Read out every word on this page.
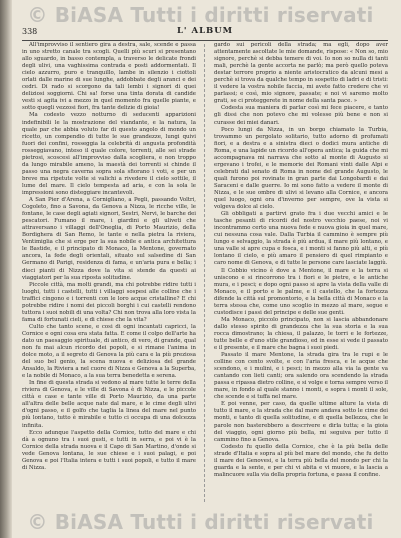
© BiASA Tutti i diritti riservati
338	L' ALBUM

All'improvviso il sentiero gira a destra, sale, scende e passa in uno stretto canale tra scogli. Quelli più scuri si presentano allo sguardo, in basso contempla, a traverso le delicate frondi degli ulivi, una vaghissima contrada e posti addormentati. Il cielo azzurro, puro e tranquillo, lambe in silenzio i ciottoli orlati dalle marine di sue lunghe, addobbate degli aranci e dei cedri. Di rado si scorgono da tali lembi i signori di quei deliziosi soggiorni. Chi sa! forse una tinta dorata di candide vesti si agita ivi a mezzo in quel momento fra quelle piante, e sotto quegli vezzosi fiori, fra tante delizie di gioia!

Ma codesto vezzo notturno di seducenti apparizioni indefinibili le la mostrazione del viandante, e la natura, la quale par che abbia voluto far di questo angolo di mondo un ricetto, un compendio di tutte le sue grandezze, lungi quivi fuori dei confini, rosseggia la celebrità di angusta profondità rosseggiavano, inteso il quale colore, torrenti, alle sei strade pietrosi, scoscesi all'improvviso dalla scogliera, e non troppo da lungo mirabile ameno, la maestà dei torrenti si chinde il passo una negra caverna sopra sola sfiorano i voti, e per un breve ma ripetute volte si valichi a rivedere il cielo sottile, il lume del mare. Il cielo tempesta ad aria, e con la sola le impressioni sono disteggiare incantevoli.

A San Pier d'Arena, a Cornigliano, a Pegli, passando Voltri, Cogoleto, fino a Savona, da Genova a Nizza, le ricche ville, le fontane, le case degli agiati signori, Sestri, Nervi, le barche dei pescatori. Fumano il mare, i giardini e gli uliveti che attraversano i villaggi dell'Oneglia, di Porto Maurizio, della Bordighera di San Remo, le tante e nella pietra la riviera, Ventimiglia che si erge per la sua nobile e antica architettura le Bastide, e il principato di Monaco, la Mentone, governato ancora, la fede degli orientali, situato sul salsedine di San Germano di Parigi, residenza di fama, e un'aria pura e bella; i dieci pianti di Nizza dove la vita si stende da questi ai viaggiatori per la sua riposta solitudine.

Piccole città, ma molti grandi, ma chi potrebbe ridire tutti i luoghi, tutti i castelli, tutti i villaggi sospesi alle colline che i traffici cingono e i torrenti con le loro acque cristalline? E chi potrebbe ridire i nomi dei piccoli borghi i cui castelli rendono tuttora i suoi nobili di una volta? Chi non trova alla loro vista la fama di fortunati cieli, e di chiese che la vita?

Culto che tanto scene, e cosi di ogni incantati capricci, la Cornice e ogni cosa era stata fatta. E come il colpo dell'arte ha dato un paesaggio spirituale, di antico, di vero, di grande, qual non fu mai alcun ricordo dei popoli, e si rimane l'anima in dolce moto, a il segreto di Genova la più cara e la più preziosa del suo bel genio, la scena nuova e deliziosa del grande Ansaldo, la Riviera a nel cuore di Nizza e Genova a la Superba, e la nobile di Monaco, a la sua terra benedetta e serena.

In fine di questa strada si vedono al mare tutte le terre della riviera di Genova, e le ville di Savona è di Nizza, e le piccole città e case e tante ville di Porto Maurizio, da una parte all'altra delle belle acque nate dal mare, e le cime degli ulivi d'ogni passo, e il golfo che taglia la linea del mare nel punto più lontano, tutto è mirabile e tutto ci occupa di una dolcezza infinita.

Ecco adunque l'aspetto della Cornice, tutto del mare e chi dà a ognuno tra i suoi gusti, e tutti in serra, e poi vi è la Cornice della strada nuova e il Capo di San Martino, d'onde si vede Genova lontana, le sue chiese e i suoi palagi, e poi Genova e poi l'Italia intera e tutti i suoi popoli, e tutto il mare di Nizza.

gardo sui pericoli della strada; ma egli, dopo aver attentamente ascoltate le mie domande, rispose: « Non so, mio signore, perchè si debba temere di voi. Io non so nulla di tanti mali, perchè la gente accorta ne parlò; ma però quello poteva destar terrore proprio a niente aristocratico da alcuni mesi a perchè si trova da qualche tempo in sospetto di ladri e di tristi: il vedere la vostra nobile faccia, mi avete fatto credere che vi parlassi; e così, mio signore, passate; e noi vi saremo molto grati, se ci proteggerete in nome della santa pace. »

Codesta sua maniera di parlar così mi fece piacere, e tanto gli dissi che non potevo che mi volesse più bene e non si curasse dei miei danari.

Poco lungi da Nizza, in un borgo chiamato la Turbia, trovammo un pergolato solitario, tutto adorno di profumati fiori, e a destra e a sinistra dieci o dodici mura antiche di Roma, e una lapide un ricordo all'opera antica; la guida che mi accompagnava mi narrava che sotto al monte di Augusto si ergevano i trofei, e le memorie dei Romani vinti dalle Alpi e celebrati dal senato di Roma in nome del grande Augusto, le quali furono poi rovinate in gran parte dai Longobardi e dai Saraceni e dalle guerre. Io mi sono fatto a vedere il monte di Nizza, e le sue ombre di ulivi si levano alla Cornice, e ancora quel luogo, ogni ora d'inverno per sempre, ove la vista si volgeva dolce al cielo.

Gli obbligati a partirvi grato fra i due vecchi amici e le tasche pesanti di ricordi del nostro vecchio paese, noi vi incontrammo certo una nuova fede e nuova gioia in quel mare, cui nessuna cosa vale. Dalla Turbia il cammino è sempre più lungo e selvaggio, la strada è più ardua, il mare più lontano, e una valle si apre cupa e fosca, e i monti si fanno più alti, e più lontano il cielo, e più amaro il pensiero di quel rimpianto e caro nome di Genova, e di tutte le persone care lasciate laggiù.

Il Cobbio vicino è dove a Mentone, il mare e la terra si uniscono e si rincorrono tra i fiori e le pietre, e le antiche mura, e i pesci; e dopo ogni passo si apre la vista della valle di Monaco, e il porto e le palme, e il castello, che la fortezza difende la città sul promontorio, e la bella città di Monaco e la terra stessa che, come uno scoglio in mezzo al mare, segue e custodisce i passi del principe e delle sue genti.

Ma Monaco, piccolo principato, non si lascia abbandonare dallo stesso spirito di grandezza che la sua storia e la sua rocca dimostrano; la chiesa, il palazzo, le torri e le fortezze, tutte belle e d'uno stile grandioso, ed in esse si vede il passato e il presente, e il mare che bagna i suoi piedi.

Passato il mare Mentone, la strada gira tra le rupi e le colline con cento svolte, e con l'aria fresca, e le acque che scendono, e i mulini, e i pesci; in mezzo alla via la gente va cantando con lieti canti; ora salendo ora scendendo la strada passa e ripassa dietro colline, e si volge e torna sempre verso il mare, in fondo al quale stanno i monti, e sopra i monti il sole, che scende e si tuffa nel mare.

E poi venne, per caso, da quelle ultime alture la vista di tutto il mare, e la strada che dal mare andava sotto le cime dei monti, e tanto di quella solitudine, e di quella bellezza, che le parole non basterebbero a descrivere e dirla tutta; e la gioia del viaggio, ogni giorno più bella, mi seguiva per tutto il cammino fino a Genova.

Codesto fu quello della Cornice, che è la più bella delle strade d'Italia e sopra al più bel mare del mondo, che fu detto il mare dei Genovesi, e la terra più bella del mondo per chi la guarda e la sente, e per chi vi abita e vi muore, e la lascia a malincuore sulla via della propria fortuna, e passa il confine.

© BiASA Tutti i diritti riservati
